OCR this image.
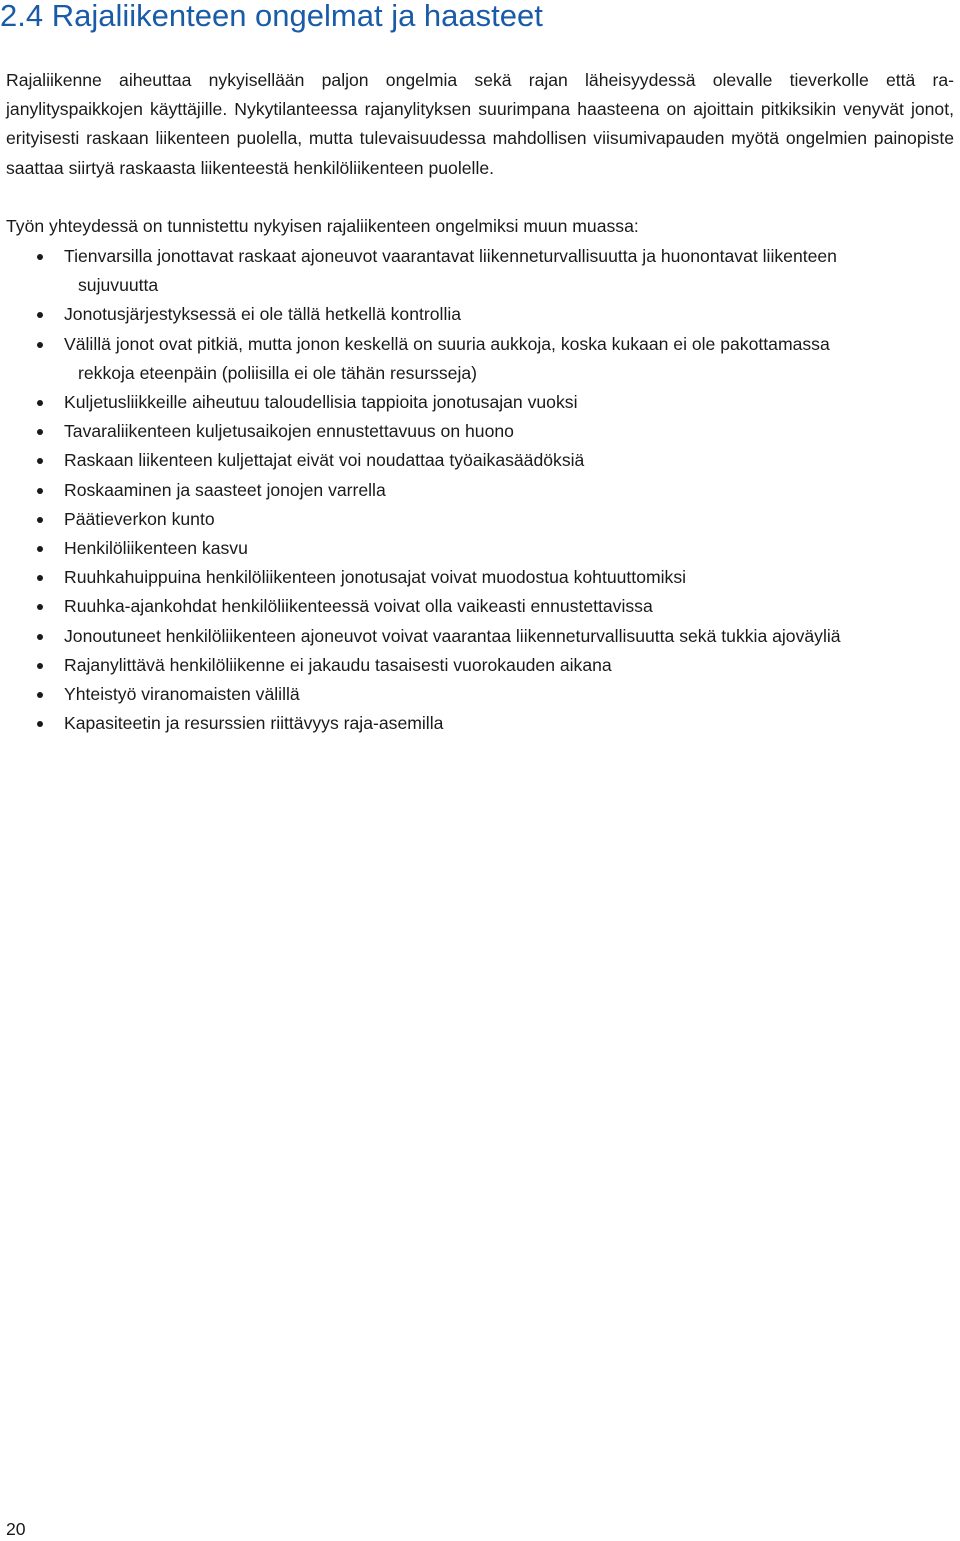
2.4 Rajaliikenteen ongelmat ja haasteet

Rajaliikenne aiheuttaa nykyisellään paljon ongelmia sekä rajan läheisyydessä olevalle tieverkolle että ra-janylityspaikkojen käyttäjille. Nykytilanteessa rajanylityksen suurimpana haasteena on ajoittain pitkiksikin venyvät jonot, erityisesti raskaan liikenteen puolella, mutta tulevaisuudessa mahdollisen viisumivapauden myötä ongelmien painopiste saattaa siirtyä raskaasta liikenteestä henkilöliikenteen puolelle.

Työn yhteydessä on tunnistettu nykyisen rajaliikenteen ongelmiksi muun muassa:

Tienvarsilla jonottavat raskaat ajoneuvot vaarantavat liikenneturvallisuutta ja huonontavat liikenteen
sujuvuutta
Jonotusjärjestyksessä ei ole tällä hetkellä kontrollia
Välillä jonot ovat pitkiä, mutta jonon keskellä on suuria aukkoja, koska kukaan ei ole pakottamassa
rekkoja eteenpäin (poliisilla ei ole tähän resursseja)
Kuljetusliikkeille aiheutuu taloudellisia tappioita jonotusajan vuoksi
Tavaraliikenteen kuljetusaikojen ennustettavuus on huono
Raskaan liikenteen kuljettajat eivät voi noudattaa työaikasäädöksiä
Roskaaminen ja saasteet jonojen varrella
Päätieverkon kunto
Henkilöliikenteen kasvu
Ruuhkahuippuina henkilöliikenteen jonotusajat voivat muodostua kohtuuttomiksi
Ruuhka-ajankohdat henkilöliikenteessä voivat olla vaikeasti ennustettavissa
Jonoutuneet henkilöliikenteen ajoneuvot voivat vaarantaa liikenneturvallisuutta sekä tukkia ajoväyliä
Rajanylittävä henkilöliikenne ei jakaudu tasaisesti vuorokauden aikana
Yhteistyö viranomaisten välillä
Kapasiteetin ja resurssien riittävyys raja-asemilla

20
